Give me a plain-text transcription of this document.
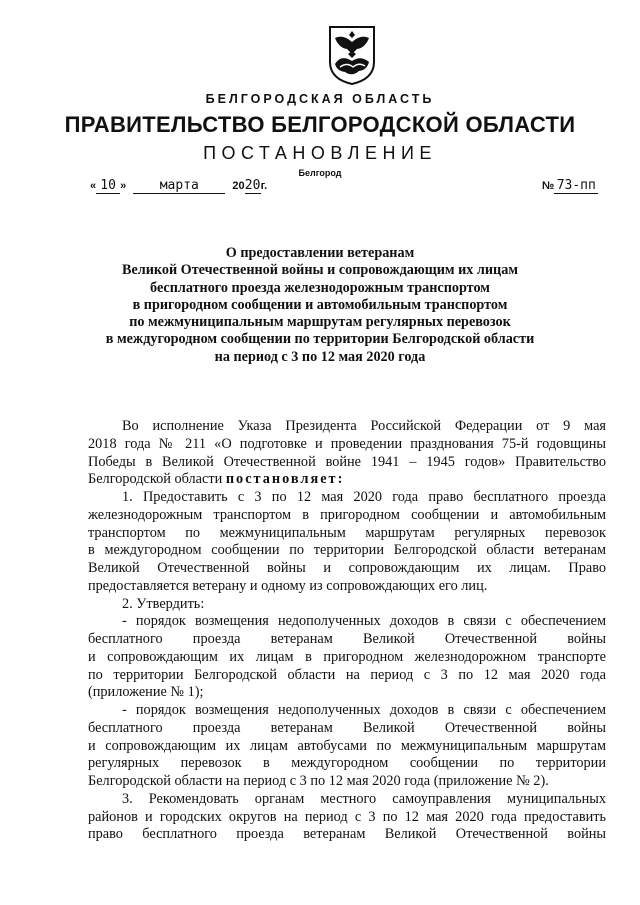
БЕЛГОРОДСКАЯ ОБЛАСТЬ
ПРАВИТЕЛЬСТВО БЕЛГОРОДСКОЙ ОБЛАСТИ
ПОСТАНОВЛЕНИЕ
Белгород
« 10 »	марта	2020г.	№ 73-пп
О предоставлении ветеранам
Великой Отечественной войны и сопровождающим их лицам
бесплатного проезда железнодорожным транспортом
в пригородном сообщении и автомобильным транспортом
по межмуниципальным маршрутам регулярных перевозок
в междугородном сообщении по территории Белгородской области
на период с 3 по 12 мая 2020 года

Во исполнение Указа Президента Российской Федерации от 9 мая

2018 года № 211 «О подготовке и проведении празднования 75-й годовщины

Победы в Великой Отечественной войне 1941 – 1945 годов» Правительство

Белгородской области постановляет:

1. Предоставить с 3 по 12 мая 2020 года право бесплатного проезда

железнодорожным транспортом в пригородном сообщении и автомобильным

транспортом по межмуниципальным маршрутам регулярных перевозок

в междугородном сообщении по территории Белгородской области ветеранам

Великой Отечественной войны и сопровождающим их лицам. Право

предоставляется ветерану и одному из сопровождающих его лиц.

2. Утвердить:

- порядок возмещения недополученных доходов в связи с обеспечением

бесплатного проезда ветеранам Великой Отечественной войны

и сопровождающим их лицам в пригородном железнодорожном транспорте

по территории Белгородской области на период с 3 по 12 мая 2020 года

(приложение № 1);

- порядок возмещения недополученных доходов в связи с обеспечением

бесплатного проезда ветеранам Великой Отечественной войны

и сопровождающим их лицам автобусами по межмуниципальным маршрутам

регулярных перевозок в междугородном сообщении по территории

Белгородской области на период с 3 по 12 мая 2020 года (приложение № 2).

3. Рекомендовать органам местного самоуправления муниципальных

районов и городских округов на период с 3 по 12 мая 2020 года предоставить

право бесплатного проезда ветеранам Великой Отечественной войны
